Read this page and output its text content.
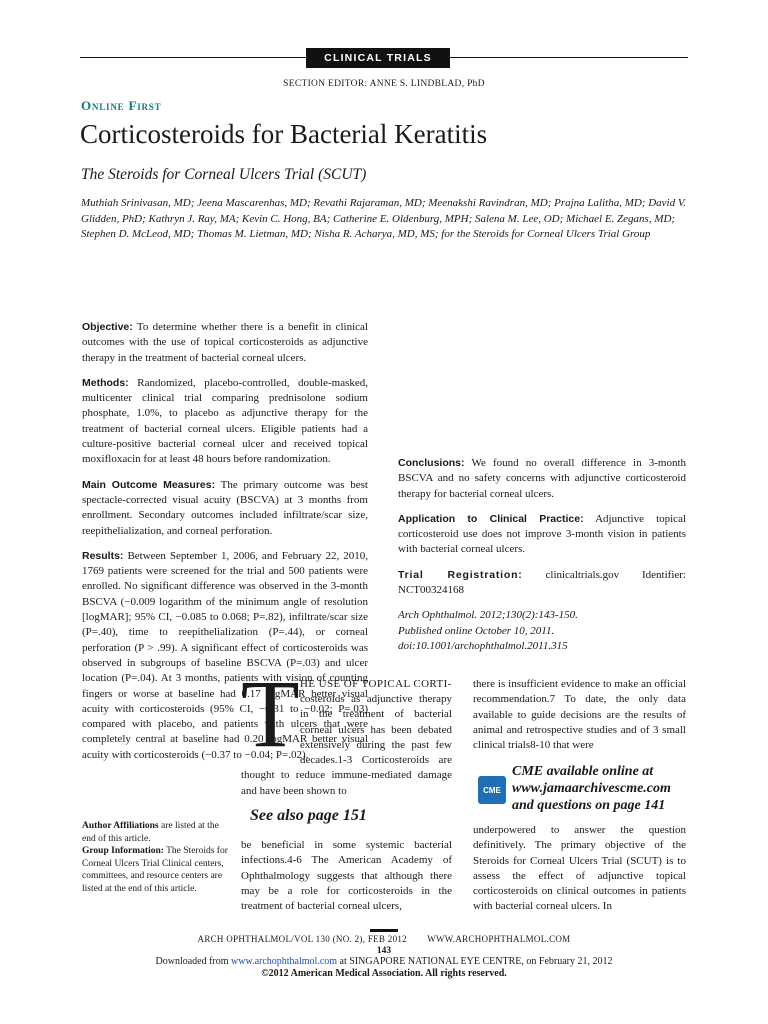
CLINICAL TRIALS
SECTION EDITOR: ANNE S. LINDBLAD, PhD
Online First
Corticosteroids for Bacterial Keratitis
The Steroids for Corneal Ulcers Trial (SCUT)
Muthiah Srinivasan, MD; Jeena Mascarenhas, MD; Revathi Rajaraman, MD; Meenakshi Ravindran, MD; Prajna Lalitha, MD; David V. Glidden, PhD; Kathryn J. Ray, MA; Kevin C. Hong, BA; Catherine E. Oldenburg, MPH; Salena M. Lee, OD; Michael E. Zegans, MD; Stephen D. McLeod, MD; Thomas M. Lietman, MD; Nisha R. Acharya, MD, MS; for the Steroids for Corneal Ulcers Trial Group

Objective: To determine whether there is a benefit in clinical outcomes with the use of topical corticosteroids as adjunctive therapy in the treatment of bacterial corneal ulcers.

Methods: Randomized, placebo-controlled, double-masked, multicenter clinical trial comparing prednisolone sodium phosphate, 1.0%, to placebo as adjunctive therapy for the treatment of bacterial corneal ulcers. Eligible patients had a culture-positive bacterial corneal ulcer and received topical moxifloxacin for at least 48 hours before randomization.

Main Outcome Measures: The primary outcome was best spectacle-corrected visual acuity (BSCVA) at 3 months from enrollment. Secondary outcomes included infiltrate/scar size, reepithelialization, and corneal perforation.

Results: Between September 1, 2006, and February 22, 2010, 1769 patients were screened for the trial and 500 patients were enrolled. No significant difference was observed in the 3-month BSCVA (−0.009 logarithm of the minimum angle of resolution [logMAR]; 95% CI, −0.085 to 0.068; P=.82), infiltrate/scar size (P=.40), time to reepithelialization (P=.44), or corneal perforation (P > .99). A significant effect of corticosteroids was observed in subgroups of baseline BSCVA (P=.03) and ulcer location (P=.04). At 3 months, patients with vision of counting fingers or worse at baseline had 0.17 logMAR better visual acuity with corticosteroids (95% CI, −0.31 to −0.02; P=.03) compared with placebo, and patients with ulcers that were completely central at baseline had 0.20 logMAR better visual acuity with corticosteroids (−0.37 to −0.04; P=.02).

Conclusions: We found no overall difference in 3-month BSCVA and no safety concerns with adjunctive corticosteroid therapy for bacterial corneal ulcers.

Application to Clinical Practice: Adjunctive topical corticosteroid use does not improve 3-month vision in patients with bacterial corneal ulcers.

Trial Registration: clinicaltrials.gov Identifier: NCT00324168

Arch Ophthalmol. 2012;130(2):143-150.
Published online October 10, 2011.
doi:10.1001/archophthalmol.2011.315
T HE USE OF TOPICAL CORTI-
costeroids as adjunctive therapy in the treatment of bacterial corneal ulcers has been debated extensively during the past few decades.1-3 Corticosteroids are thought to reduce immune-mediated damage and have been shown to
See also page 151
be beneficial in some systemic bacterial infections.4-6 The American Academy of Ophthalmology suggests that although there may be a role for corticosteroids in the treatment of bacterial corneal ulcers,
there is insufficient evidence to make an official recommendation.7 To date, the only data available to guide decisions are the results of animal and retrospective studies and of 3 small clinical trials8-10 that were
CME
CME available online at
www.jamaarchivescme.com
and questions on page 141
underpowered to answer the question definitively. The primary objective of the Steroids for Corneal Ulcers Trial (SCUT) is to assess the effect of adjunctive topical corticosteroids on clinical outcomes in patients with bacterial corneal ulcers. In
Author Affiliations are listed at the end of this article.
Group Information: The Steroids for Corneal Ulcers Trial Clinical centers, committees, and resource centers are listed at the end of this article.
ARCH OPHTHALMOL/VOL 130 (NO. 2), FEB 2012        WWW.ARCHOPHTHALMOL.COM
143
Downloaded from www.archophthalmol.com at SINGAPORE NATIONAL EYE CENTRE, on February 21, 2012
©2012 American Medical Association. All rights reserved.
